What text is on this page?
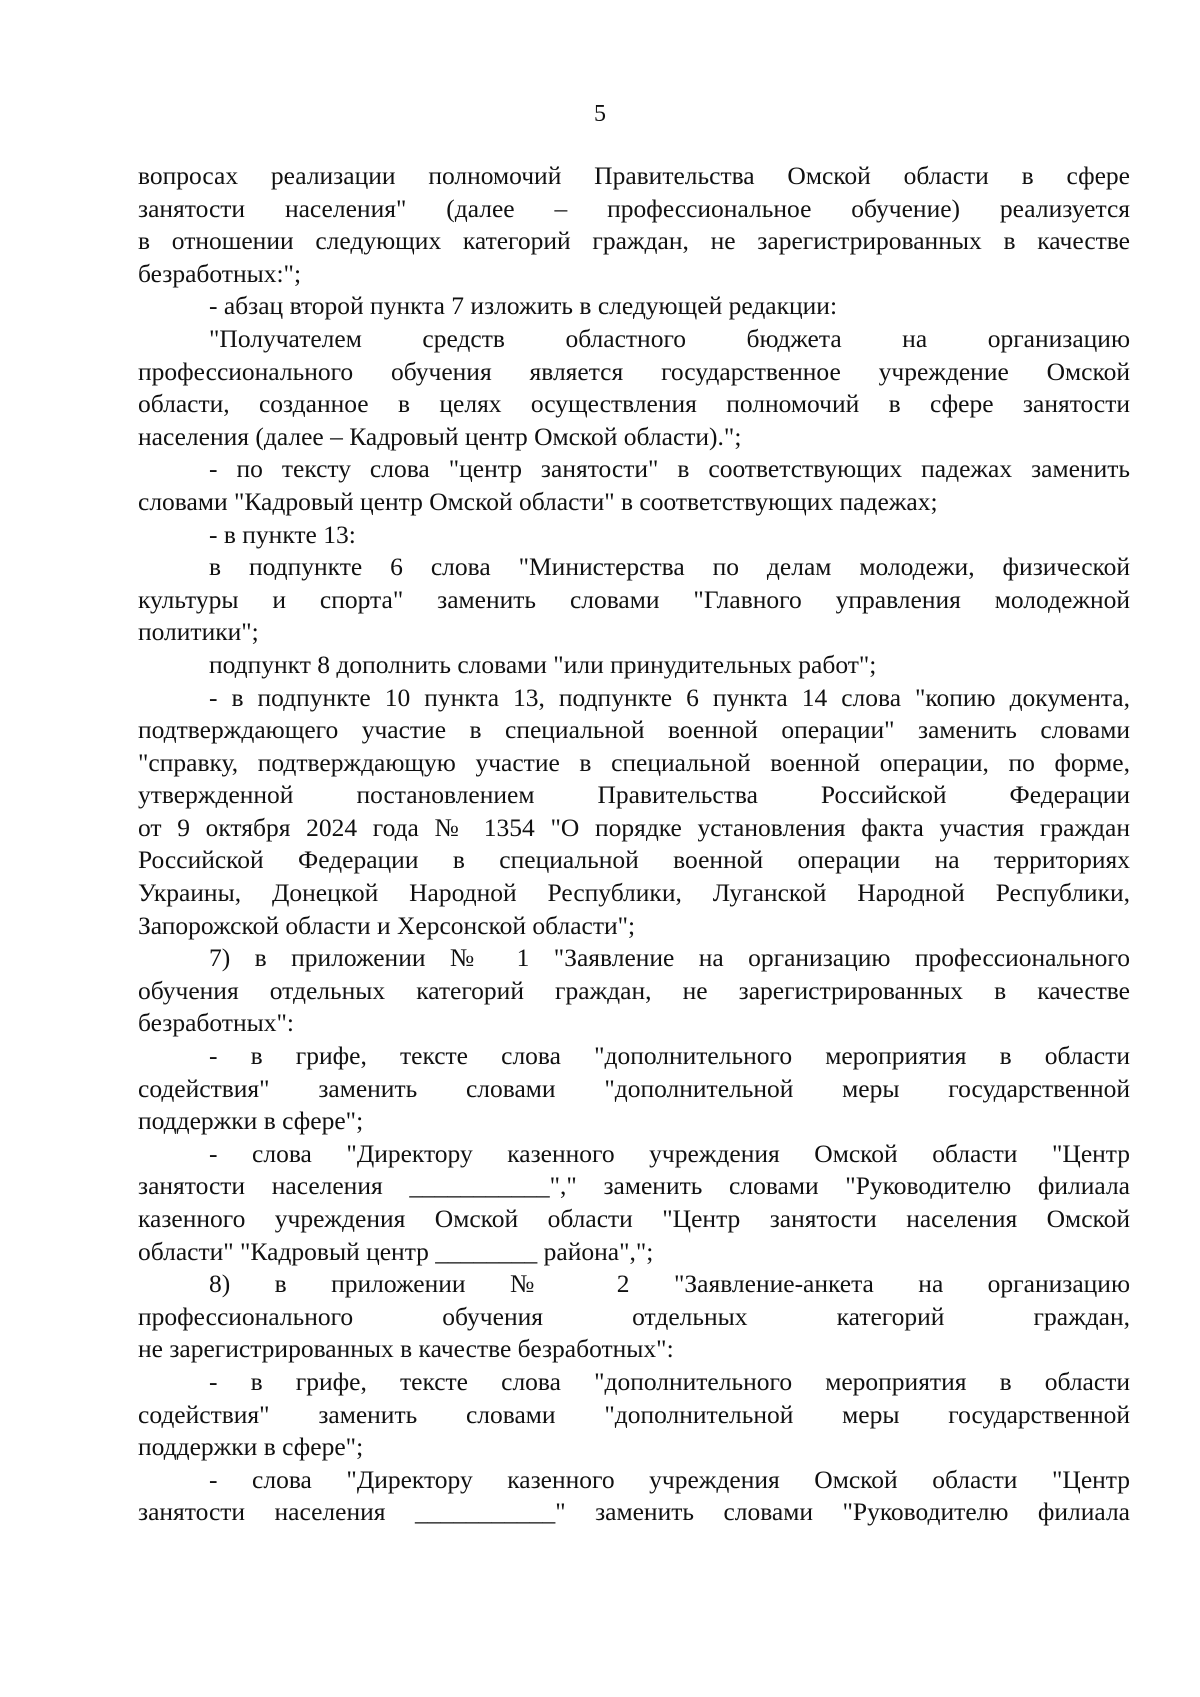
5
вопросах реализации полномочий Правительства Омской области в сфере
занятости населения" (далее – профессиональное обучение) реализуется
в отношении следующих категорий граждан, не зарегистрированных в качестве
безработных:";
- абзац второй пункта 7 изложить в следующей редакции:
"Получателем средств областного бюджета на организацию
профессионального обучения является государственное учреждение Омской
области, созданное в целях осуществления полномочий в сфере занятости
населения (далее – Кадровый центр Омской области).";
- по тексту слова "центр занятости" в соответствующих падежах заменить
словами "Кадровый центр Омской области" в соответствующих падежах;
- в пункте 13:
в подпункте 6 слова "Министерства по делам молодежи, физической
культуры и спорта" заменить словами "Главного управления молодежной
политики";
подпункт 8 дополнить словами "или принудительных работ";
- в подпункте 10 пункта 13, подпункте 6 пункта 14 слова "копию документа,
подтверждающего участие в специальной военной операции" заменить словами
"справку, подтверждающую участие в специальной военной операции, по форме,
утвержденной постановлением Правительства Российской Федерации
от 9 октября 2024 года № 1354 "О порядке установления факта участия граждан
Российской Федерации в специальной военной операции на территориях
Украины, Донецкой Народной Республики, Луганской Народной Республики,
Запорожской области и Херсонской области";
7) в приложении № 1 "Заявление на организацию профессионального
обучения отдельных категорий граждан, не зарегистрированных в качестве
безработных":
- в грифе, тексте слова "дополнительного мероприятия в области
содействия" заменить словами "дополнительной меры государственной
поддержки в сфере";
- слова "Директору казенного учреждения Омской области "Центр
занятости населения ___________"," заменить словами "Руководителю филиала
казенного учреждения Омской области "Центр занятости населения Омской
области" "Кадровый центр ________ района",";
8) в приложении № 2 "Заявление-анкета на организацию
профессионального обучения отдельных категорий граждан,
не зарегистрированных в качестве безработных":
- в грифе, тексте слова "дополнительного мероприятия в области
содействия" заменить словами "дополнительной меры государственной
поддержки в сфере";
- слова "Директору казенного учреждения Омской области "Центр
занятости населения ___________" заменить словами "Руководителю филиала
